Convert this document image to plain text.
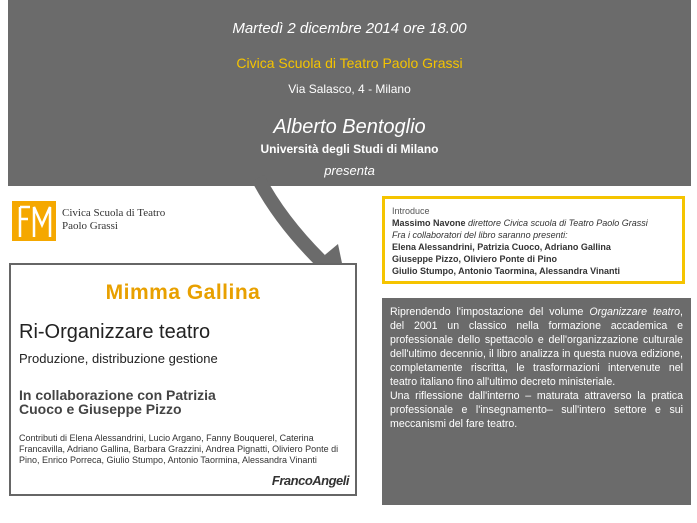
Martedì 2 dicembre 2014 ore 18.00
Civica Scuola di Teatro Paolo Grassi
Via Salasco, 4 - Milano
Alberto Bentoglio
Università degli Studi di Milano
presenta
Civica Scuola di Teatro
Paolo Grassi
Introduce
Massimo Navone direttore Civica scuola di Teatro Paolo Grassi
Fra i collaboratori del libro saranno presenti:
Elena Alessandrini, Patrizia Cuoco, Adriano Gallina
Giuseppe Pizzo, Oliviero Ponte di Pino
Giulio Stumpo, Antonio Taormina, Alessandra Vinanti
Mimma Gallina
Ri-Organizzare teatro
Produzione, distribuzione gestione
In collaborazione con Patrizia
Cuoco e Giuseppe Pizzo
Contributi di Elena Alessandrini, Lucio Argano, Fanny Bouquerel, Caterina Francavilla, Adriano Gallina, Barbara Grazzini, Andrea Pignatti, Oliviero Ponte di Pino, Enrico Porreca, Giulio Stumpo, Antonio Taormina, Alessandra Vinanti
FrancoAngeli

Riprendendo l'impostazione del volume Organizzare teatro, del 2001 un classico nella formazione accademica e professionale dello spettacolo e dell'organizzazione culturale dell'ultimo decennio, il libro analizza in questa nuova edizione, completamente riscritta, le trasformazioni intervenute nel teatro italiano fino all'ultimo decreto ministeriale.

Una riflessione dall'interno – maturata attraverso la pratica professionale e l'insegnamento– sull'intero settore e sui meccanismi del fare teatro.
